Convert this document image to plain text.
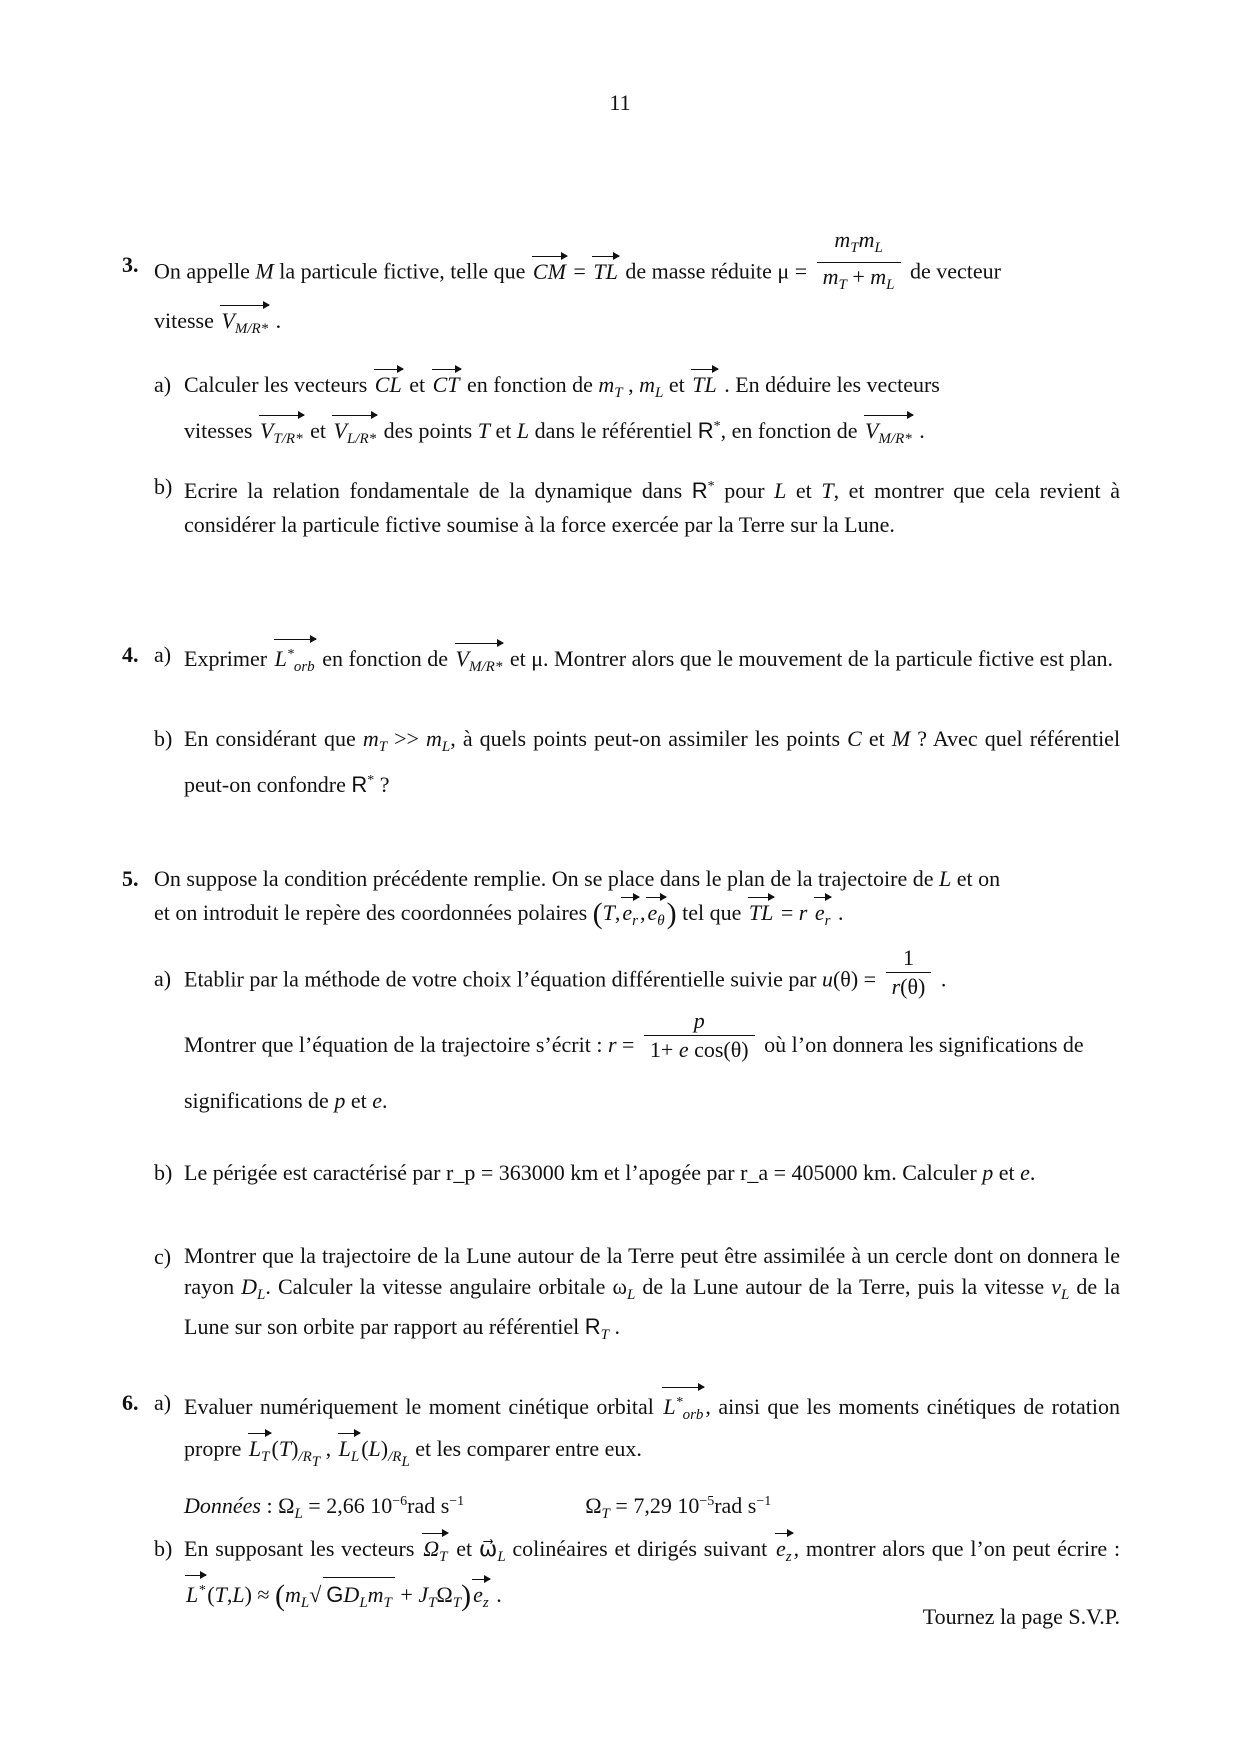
11
3. On appelle M la particule fictive, telle que CM = TL de masse réduite $\mu = \frac{m_Tm_L}{m_T + m_L}$ de vecteur
vitesse $V_{M/R*}$ .
a) Calculer les vecteurs CL et CT en fonction de $m_T$ , $m_L$ et TL . En déduire les vecteurs
vitesses $V_{T/R*}$ et $V_{L/R*}$ des points T et L dans le référentiel R*, en fonction de $V_{M/R*}$ .
b) Ecrire la relation fondamentale de la dynamique dans R* pour L et T, et montrer que cela revient à considérer la particule fictive soumise à la force exercée par la Terre sur la Lune.
4. a) Exprimer $L^*_{orb}$ en fonction de $V_{M/R*}$ et μ. Montrer alors que le mouvement de la particule fictive est plan.
b) En considérant que $m_T >> m_L$, à quels points peut-on assimiler les points C et M ? Avec quel référentiel peut-on confondre R* ?
5. On suppose la condition précédente remplie. On se place dans le plan de la trajectoire de L et on
et on introduit le repère des coordonnées polaires $(T,e_r,e_\theta)$ tel que TL = r $e_r$ .
a) Etablir par la méthode de votre choix l’équation différentielle suivie par $u(\theta) = \frac{1}{r(\theta)}$ .
Montrer que l’équation de la trajectoire s’écrit : $r = \frac{p}{\text{1+ e cos(θ)}}$ où l’on donnera les significations de
significations de p et e.
b) Le périgée est caractérisé par r_p = 363000 km et l’apogée par r_a = 405000 km. Calculer p et e.
c) Montrer que la trajectoire de la Lune autour de la Terre peut être assimilée à un cercle dont on donnera le rayon $D_L$. Calculer la vitesse angulaire orbitale $\omega_L$ de la Lune autour de la Terre, puis la vitesse $v_L$ de la Lune sur son orbite par rapport au référentiel $R_T$ .
6. a) Evaluer numériquement le moment cinétique orbital $L^*_{orb}$, ainsi que les moments cinétiques de rotation propre $L_T(T)_{/R_T}$ , $L_L(L)_{/R_L}$ et les comparer entre eux.
Données : $\Omega_L = 2,66$ $10^{-6}rad$ $s^{-1}$	$\Omega_T = 7,29$ $10^{-5}rad$ $s^{-1}$
b) En supposant les vecteurs $\Omega_T$ et $\omega⃗_L$ colinéaires et dirigés suivant $e_z$, montrer alors que l’on peut écrire : $L^*(T,L) \approx (m_L√$ $GD_Lm_T + J_T\Omega_T)e_z$ .
Tournez la page S.V.P.
